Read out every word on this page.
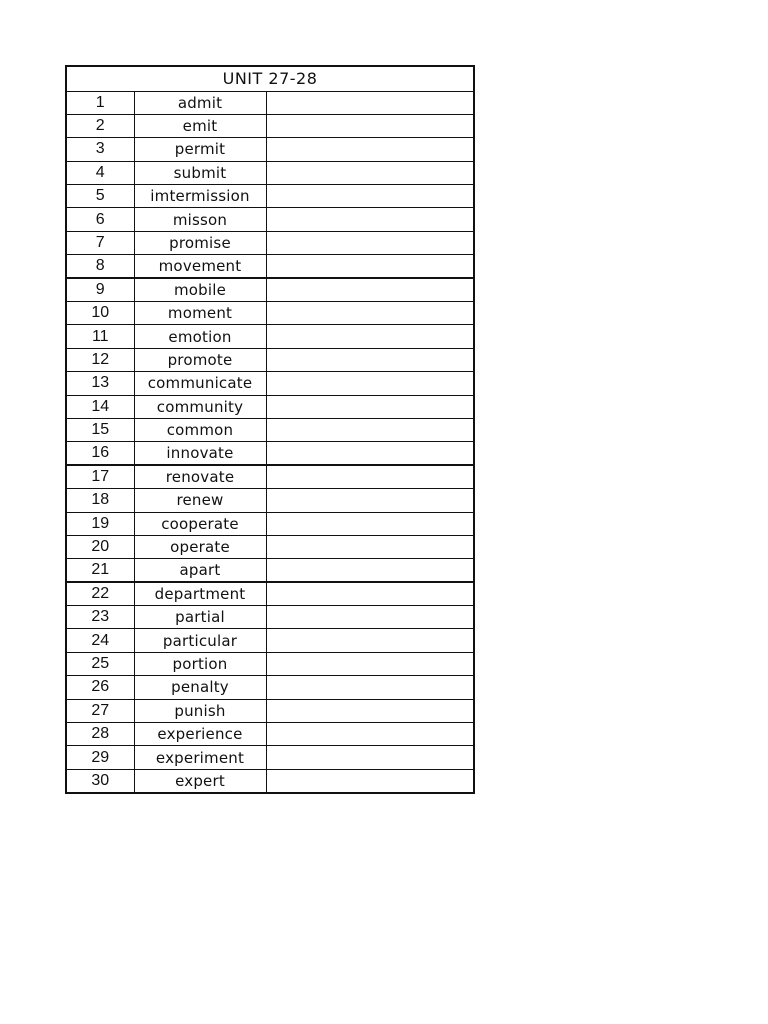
UNIT 27-28		
1	admit	
2	emit	
3	permit	
4	submit	
5	imtermission	
6	misson	
7	promise	
8	movement	
9	mobile	
10	moment	
11	emotion	
12	promote	
13	communicate	
14	community	
15	common	
16	innovate	
17	renovate	
18	renew	
19	cooperate	
20	operate	
21	apart	
22	department	
23	partial	
24	particular	
25	portion	
26	penalty	
27	punish	
28	experience	
29	experiment	
30	expert	
